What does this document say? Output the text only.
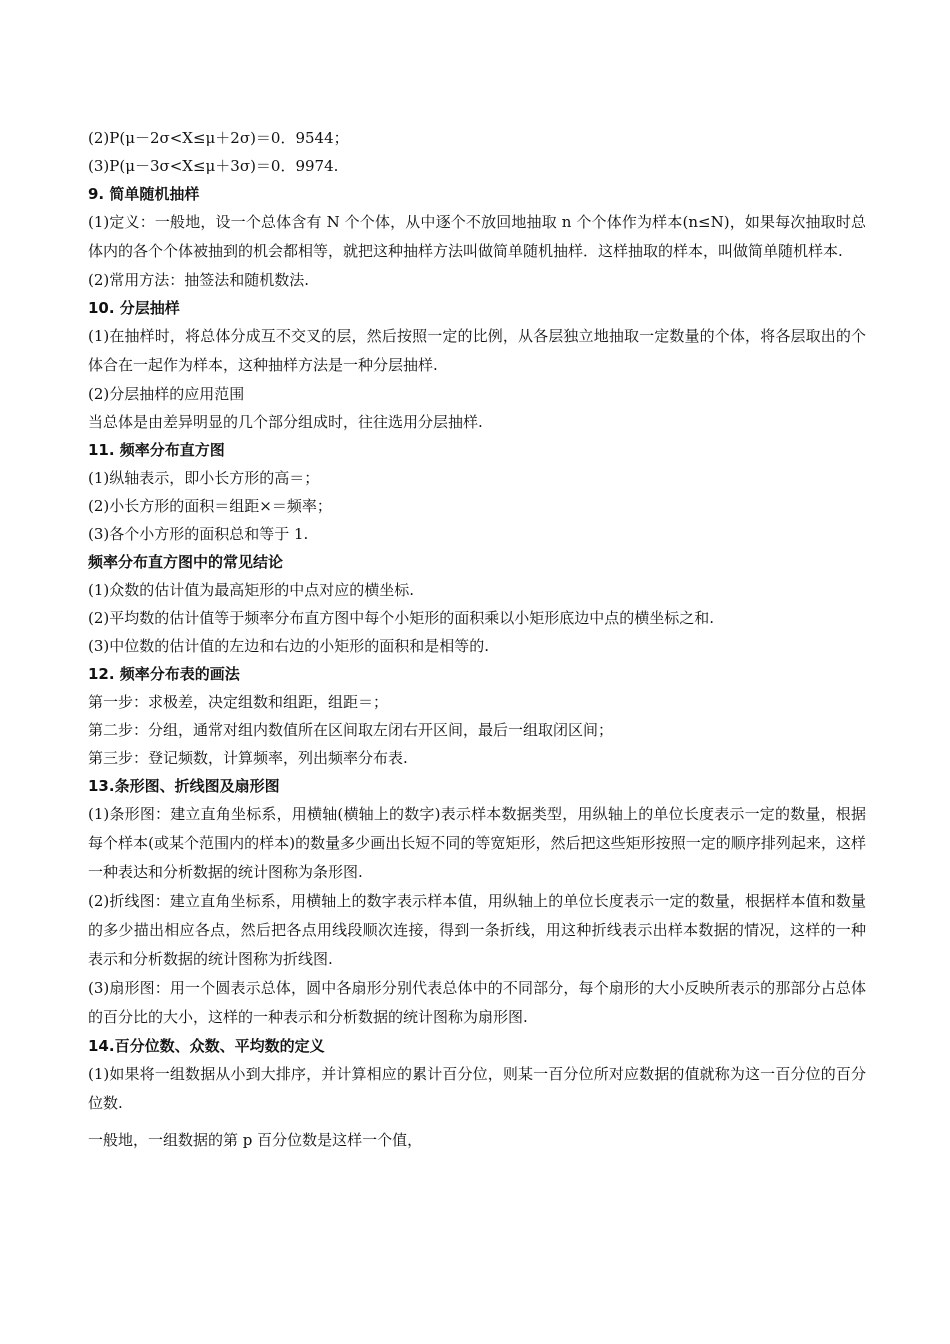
(2)P(μ－2σ<X≤μ＋2σ)＝0．9544；
(3)P(μ－3σ<X≤μ＋3σ)＝0．9974.
9. 简单随机抽样
(1)定义：一般地，设一个总体含有 N 个个体，从中逐个不放回地抽取 n 个个体作为样本(n≤N)，如果每次抽取时总体内的各个个体被抽到的机会都相等，就把这种抽样方法叫做简单随机抽样．这样抽取的样本，叫做简单随机样本.
(2)常用方法：抽签法和随机数法.
10. 分层抽样
(1)在抽样时，将总体分成互不交叉的层，然后按照一定的比例，从各层独立地抽取一定数量的个体，将各层取出的个体合在一起作为样本，这种抽样方法是一种分层抽样.
(2)分层抽样的应用范围
当总体是由差异明显的几个部分组成时，往往选用分层抽样.
11. 频率分布直方图
(1)纵轴表示，即小长方形的高＝；
(2)小长方形的面积＝组距×＝频率；
(3)各个小方形的面积总和等于 1.
频率分布直方图中的常见结论
(1)众数的估计值为最高矩形的中点对应的横坐标.
(2)平均数的估计值等于频率分布直方图中每个小矩形的面积乘以小矩形底边中点的横坐标之和.
(3)中位数的估计值的左边和右边的小矩形的面积和是相等的.
12. 频率分布表的画法
第一步：求极差，决定组数和组距，组距＝；
第二步：分组，通常对组内数值所在区间取左闭右开区间，最后一组取闭区间；
第三步：登记频数，计算频率，列出频率分布表.
13.条形图、折线图及扇形图
(1)条形图：建立直角坐标系，用横轴(横轴上的数字)表示样本数据类型，用纵轴上的单位长度表示一定的数量，根据每个样本(或某个范围内的样本)的数量多少画出长短不同的等宽矩形，然后把这些矩形按照一定的顺序排列起来，这样一种表达和分析数据的统计图称为条形图.
(2)折线图：建立直角坐标系，用横轴上的数字表示样本值，用纵轴上的单位长度表示一定的数量，根据样本值和数量的多少描出相应各点，然后把各点用线段顺次连接，得到一条折线，用这种折线表示出样本数据的情况，这样的一种表示和分析数据的统计图称为折线图.
(3)扇形图：用一个圆表示总体，圆中各扇形分别代表总体中的不同部分，每个扇形的大小反映所表示的那部分占总体的百分比的大小，这样的一种表示和分析数据的统计图称为扇形图.
14.百分位数、众数、平均数的定义
(1)如果将一组数据从小到大排序，并计算相应的累计百分位，则某一百分位所对应数据的值就称为这一百分位的百分位数.
一般地，一组数据的第 p 百分位数是这样一个值，
